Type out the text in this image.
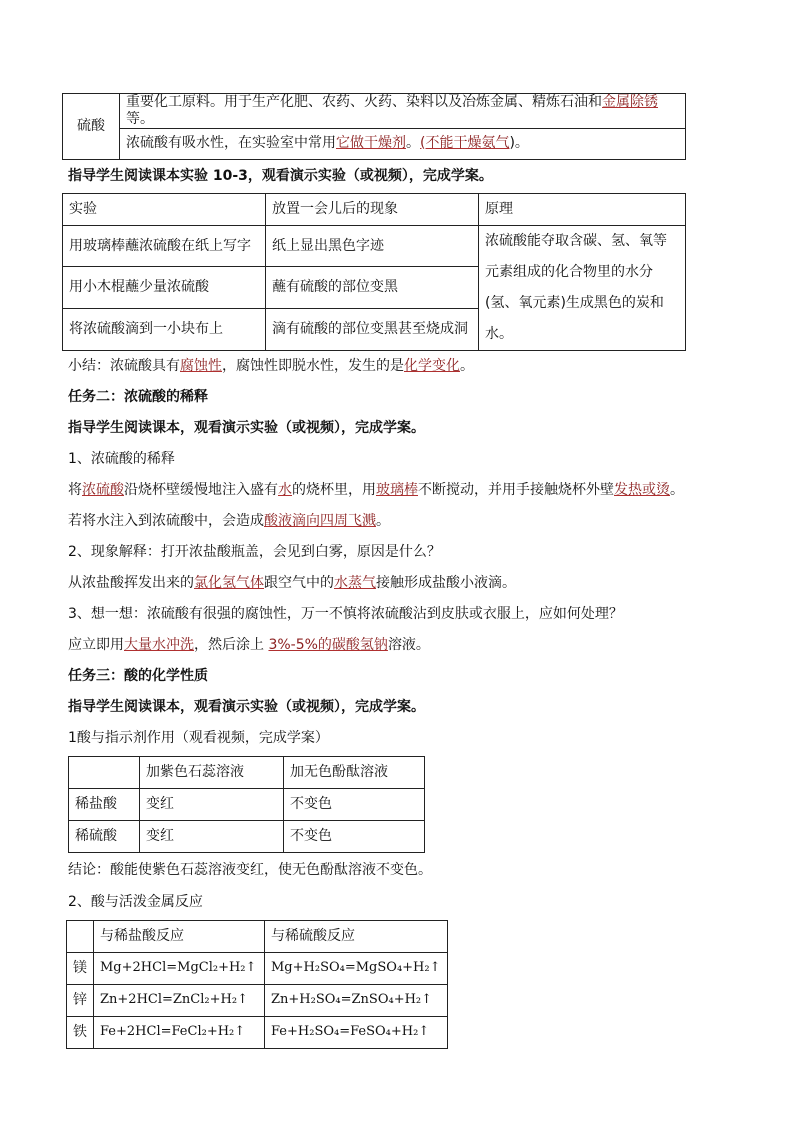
硫酸	重要化工原料。用于生产化肥、农药、火药、染料以及冶炼金属、精炼石油和金属除锈等。
浓硫酸有吸水性，在实验室中常用它做干燥剂。(不能干燥氨气)。
指导学生阅读课本实验 10-3，观看演示实验（或视频），完成学案。
实验	放置一会儿后的现象	原理
用玻璃棒蘸浓硫酸在纸上写字	纸上显出黑色字迹	浓硫酸能夺取含碳、氢、氧等元素组成的化合物里的水分(氢、氧元素)生成黑色的炭和水。
用小木棍蘸少量浓硫酸	蘸有硫酸的部位变黑	
将浓硫酸滴到一小块布上	滴有硫酸的部位变黑甚至烧成洞	
小结：浓硫酸具有腐蚀性，腐蚀性即脱水性，发生的是化学变化。
任务二：浓硫酸的稀释
指导学生阅读课本，观看演示实验（或视频），完成学案。
1、浓硫酸的稀释
将浓硫酸沿烧杯壁缓慢地注入盛有水的烧杯里，用玻璃棒不断搅动，并用手接触烧杯外壁发热或烫。
若将水注入到浓硫酸中，会造成酸液滴向四周飞溅。
2、现象解释：打开浓盐酸瓶盖，会见到白雾，原因是什么？
从浓盐酸挥发出来的氯化氢气体跟空气中的水蒸气接触形成盐酸小液滴。
3、想一想：浓硫酸有很强的腐蚀性，万一不慎将浓硫酸沾到皮肤或衣服上，应如何处理？
应立即用大量水冲洗，然后涂上 3%-5%的碳酸氢钠溶液。
任务三：酸的化学性质
指导学生阅读课本，观看演示实验（或视频），完成学案。
1酸与指示剂作用（观看视频，完成学案）
	加紫色石蕊溶液	加无色酚酞溶液
稀盐酸	变红	不变色
稀硫酸	变红	不变色
结论：酸能使紫色石蕊溶液变红，使无色酚酞溶液不变色。
2、酸与活泼金属反应
	与稀盐酸反应	与稀硫酸反应
镁	Mg+2HCl=MgCl₂+H₂↑	Mg+H₂SO₄=MgSO₄+H₂↑
锌	Zn+2HCl=ZnCl₂+H₂↑	Zn+H₂SO₄=ZnSO₄+H₂↑
铁	Fe+2HCl=FeCl₂+H₂↑	Fe+H₂SO₄=FeSO₄+H₂↑
